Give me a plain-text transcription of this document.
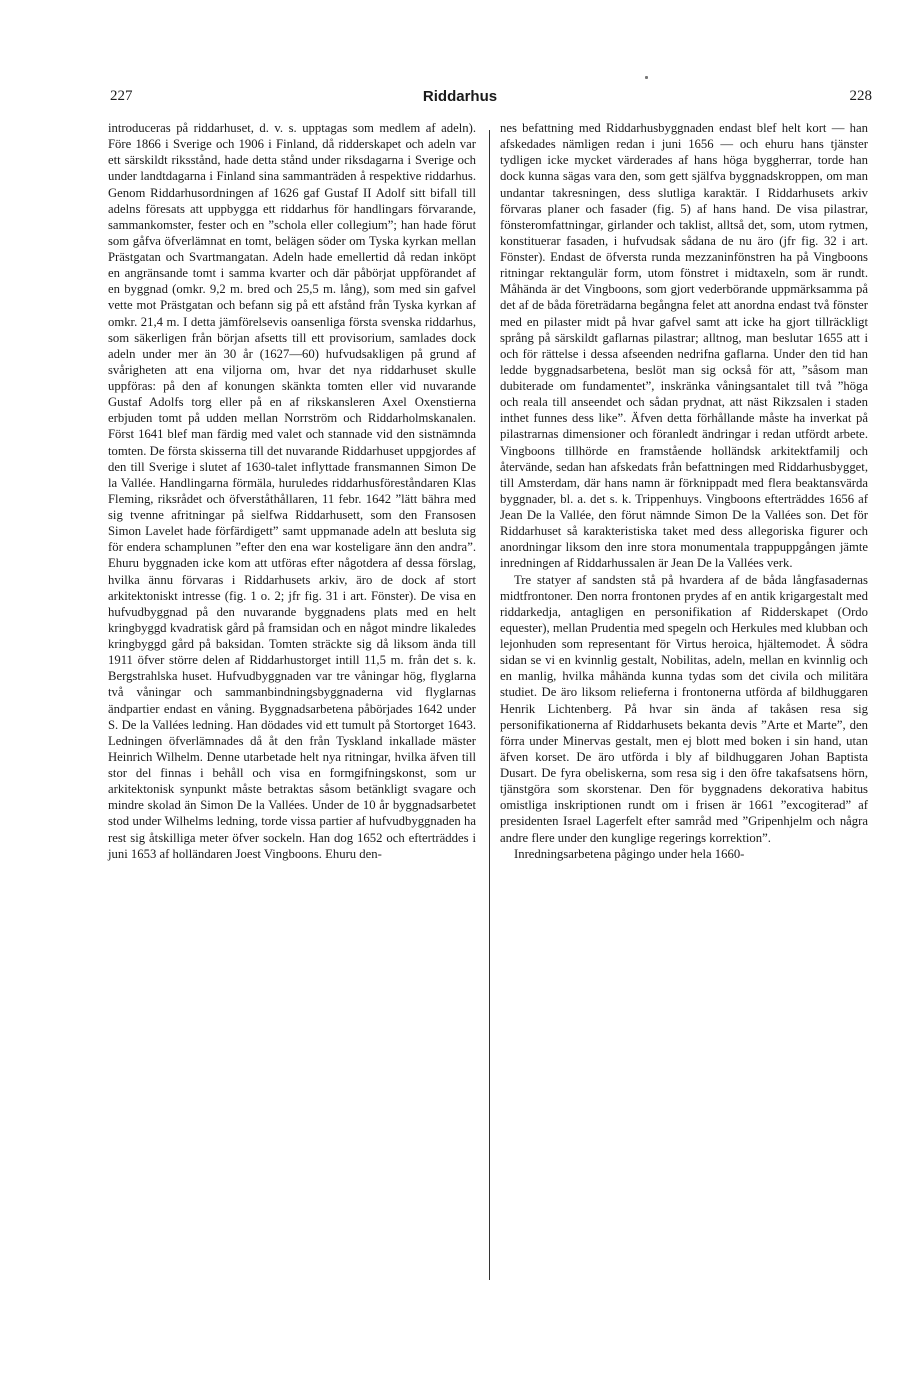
227	Riddarhus	228

introduceras på riddarhuset, d. v. s. upptagas som medlem af adeln). Före 1866 i Sverige och 1906 i Finland, då ridderskapet och adeln var ett särskildt riksstånd, hade detta stånd under riksdagarna i Sverige och under landtdagarna i Finland sina sammanträden å respektive riddarhus. Genom Riddarhusordningen af 1626 gaf Gustaf II Adolf sitt bifall till adelns föresats att uppbygga ett riddarhus för handlingars förvarande, sammankomster, fester och en ”schola eller collegium”; han hade förut som gåfva öfverlämnat en tomt, belägen söder om Tyska kyrkan mellan Prästgatan och Svartmangatan. Adeln hade emellertid då redan inköpt en angränsande tomt i samma kvarter och där påbörjat uppförandet af en byggnad (omkr. 9,2 m. bred och 25,5 m. lång), som med sin gafvel vette mot Prästgatan och befann sig på ett afstånd från Tyska kyrkan af omkr. 21,4 m. I detta jämförelsevis oansenliga första svenska riddarhus, som säkerligen från början afsetts till ett provisorium, samlades dock adeln under mer än 30 år (1627—60) hufvudsakligen på grund af svårigheten att ena viljorna om, hvar det nya riddarhuset skulle uppföras: på den af konungen skänkta tomten eller vid nuvarande Gustaf Adolfs torg eller på en af rikskansleren Axel Oxenstierna erbjuden tomt på udden mellan Norrström och Riddarholmskanalen. Först 1641 blef man färdig med valet och stannade vid den sistnämnda tomten. De första skisserna till det nuvarande Riddarhuset uppgjordes af den till Sverige i slutet af 1630-talet inflyttade fransmannen Simon De la Vallée. Handlingarna förmäla, huruledes riddarhusföreståndaren Klas Fleming, riksrådet och öfverståthållaren, 11 febr. 1642 ”lätt bähra med sig tvenne afritningar på sielfwa Riddarhusett, som den Fransosen Simon Lavelet hade förfärdigett” samt uppmanade adeln att besluta sig för endera schamplunen ”efter den ena war kosteligare änn den andra”. Ehuru byggnaden icke kom att utföras efter någotdera af dessa förslag, hvilka ännu förvaras i Riddarhusets arkiv, äro de dock af stort arkitektoniskt intresse (fig. 1 o. 2; jfr fig. 31 i art. Fönster). De visa en hufvudbyggnad på den nuvarande byggnadens plats med en helt kringbyggd kvadratisk gård på framsidan och en något mindre likaledes kringbyggd gård på baksidan. Tomten sträckte sig då liksom ända till 1911 öfver större delen af Riddarhustorget intill 11,5 m. från det s. k. Bergstrahlska huset. Hufvudbyggnaden var tre våningar hög, flyglarna två våningar och sammanbindningsbyggnaderna vid flyglarnas ändpartier endast en våning. Byggnadsarbetena påbörjades 1642 under S. De la Vallées ledning. Han dödades vid ett tumult på Stortorget 1643. Ledningen öfverlämnades då åt den från Tyskland inkallade mäster Heinrich Wilhelm. Denne utarbetade helt nya ritningar, hvilka äfven till stor del finnas i behåll och visa en formgifningskonst, som ur arkitektonisk synpunkt måste betraktas såsom betänkligt svagare och mindre skolad än Simon De la Vallées. Under de 10 år byggnadsarbetet stod under Wilhelms ledning, torde vissa partier af hufvudbyggnaden ha rest sig åtskilliga meter öfver sockeln. Han dog 1652 och efterträddes i juni 1653 af holländaren Joest Vingboons. Ehuru den-

nes befattning med Riddarhusbyggnaden endast blef helt kort — han afskedades nämligen redan i juni 1656 — och ehuru hans tjänster tydligen icke mycket värderades af hans höga byggherrar, torde han dock kunna sägas vara den, som gett själfva byggnadskroppen, om man undantar takresningen, dess slutliga karaktär. I Riddarhusets arkiv förvaras planer och fasader (fig. 5) af hans hand. De visa pilastrar, fönsteromfattningar, girlander och taklist, alltså det, som, utom rytmen, konstituerar fasaden, i hufvudsak sådana de nu äro (jfr fig. 32 i art. Fönster). Endast de öfversta runda mezzaninfönstren ha på Vingboons ritningar rektangulär form, utom fönstret i midtaxeln, som är rundt. Måhända är det Vingboons, som gjort vederbörande uppmärksamma på det af de båda företrädarna begångna felet att anordna endast två fönster med en pilaster midt på hvar gafvel samt att icke ha gjort tillräckligt språng på särskildt gaflarnas pilastrar; alltnog, man beslutar 1655 att i och för rättelse i dessa afseenden nedrifna gaflarna. Under den tid han ledde byggnadsarbetena, beslöt man sig också för att, ”såsom man dubiterade om fundamentet”, inskränka våningsantalet till två ”höga och reala till anseendet och sådan prydnat, att näst Rikzsalen i staden inthet funnes dess like”. Äfven detta förhållande måste ha inverkat på pilastrarnas dimensioner och föranledt ändringar i redan utfördt arbete. Vingboons tillhörde en framstående holländsk arkitektfamilj och återvände, sedan han afskedats från befattningen med Riddarhusbygget, till Amsterdam, där hans namn är förknippadt med flera beaktansvärda byggnader, bl. a. det s. k. Trippenhuys. Vingboons efterträddes 1656 af Jean De la Vallée, den förut nämnde Simon De la Vallées son. Det för Riddarhuset så karakteristiska taket med dess allegoriska figurer och anordningar liksom den inre stora monumentala trappuppgången jämte inredningen af Riddarhussalen är Jean De la Vallées verk.

Tre statyer af sandsten stå på hvardera af de båda långfasadernas midtfrontoner. Den norra frontonen prydes af en antik krigargestalt med riddarkedja, antagligen en personifikation af Ridderskapet (Ordo equester), mellan Prudentia med spegeln och Herkules med klubban och lejonhuden som representant för Virtus heroica, hjältemodet. Å södra sidan se vi en kvinnlig gestalt, Nobilitas, adeln, mellan en kvinnlig och en manlig, hvilka måhända kunna tydas som det civila och militära studiet. De äro liksom relieferna i frontonerna utförda af bildhuggaren Henrik Lichtenberg. På hvar sin ända af takåsen resa sig personifikationerna af Riddarhusets bekanta devis ”Arte et Marte”, den förra under Minervas gestalt, men ej blott med boken i sin hand, utan äfven korset. De äro utförda i bly af bildhuggaren Johan Baptista Dusart. De fyra obeliskerna, som resa sig i den öfre takafsatsens hörn, tjänstgöra som skorstenar. Den för byggnadens dekorativa habitus omistliga inskriptionen rundt om i frisen är 1661 ”excogiterad” af presidenten Israel Lagerfelt efter samråd med ”Gripenhjelm och några andre flere under den kunglige regerings korrektion”.

Inredningsarbetena pågingo under hela 1660-
